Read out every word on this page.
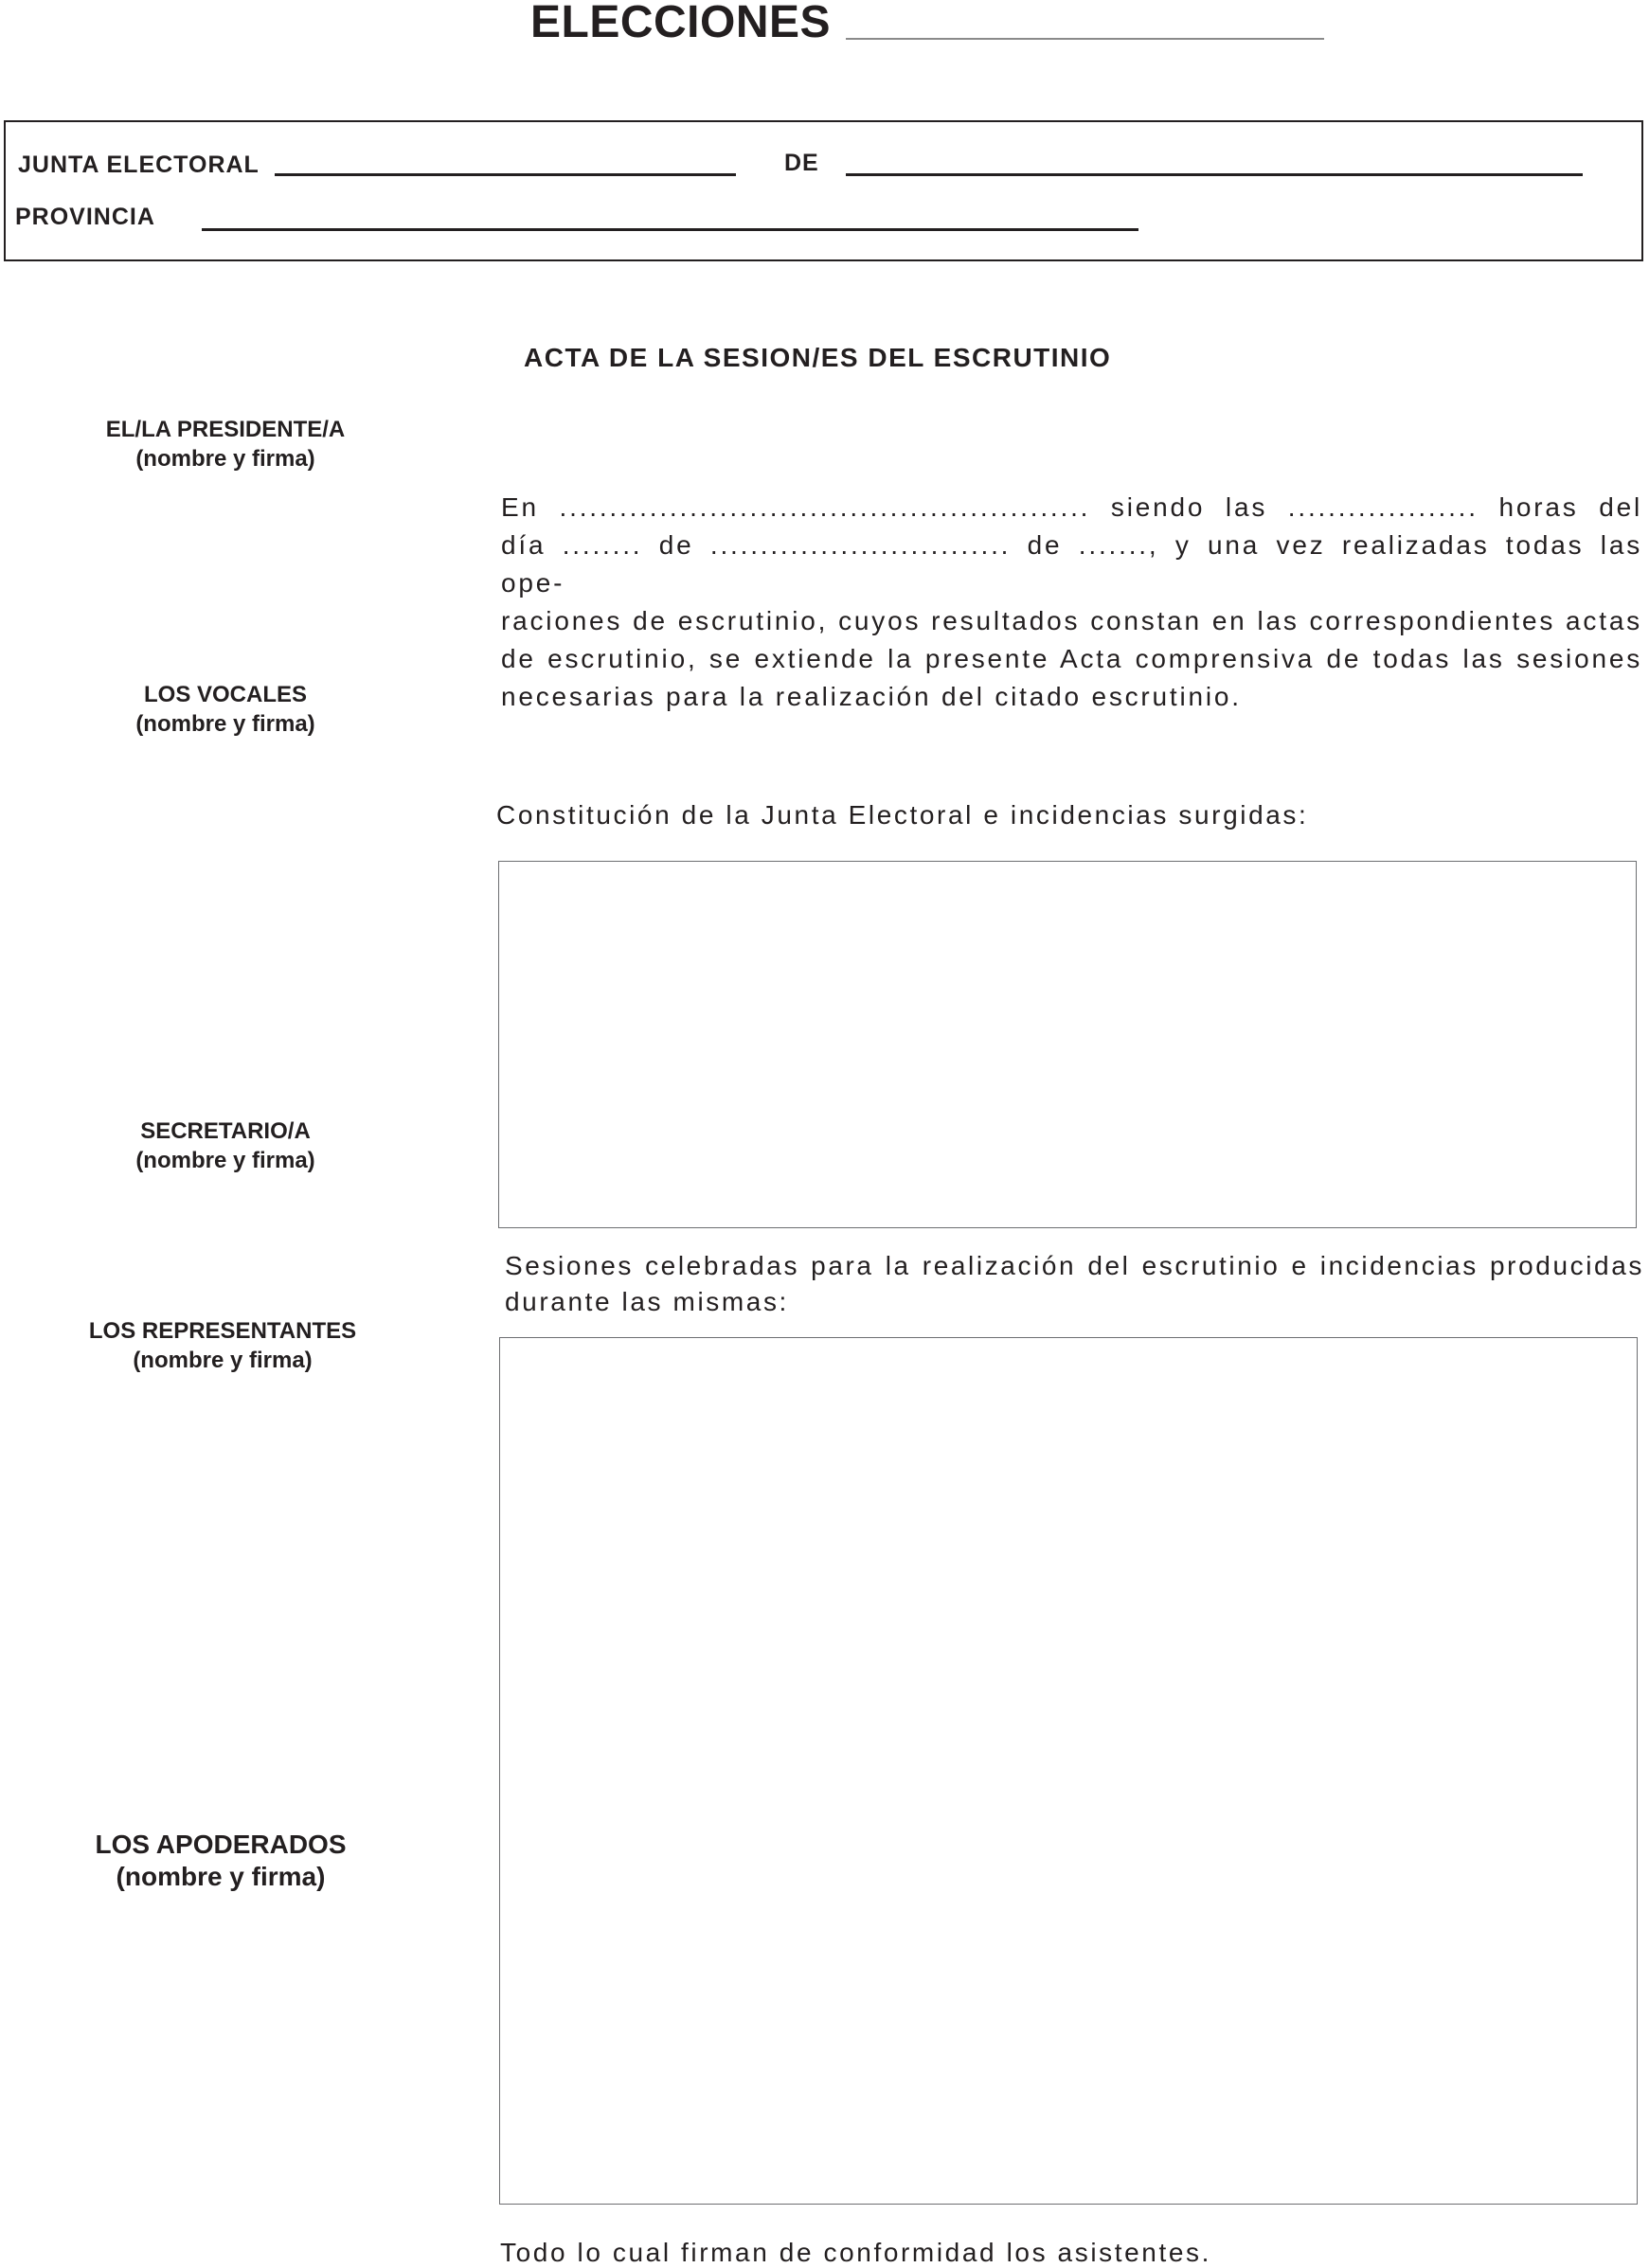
ELECCIONES
JUNTA ELECTORAL	DE
PROVINCIA
ACTA DE LA SESION/ES DEL ESCRUTINIO
EL/LA PRESIDENTE/A
(nombre y firma)
LOS VOCALES
(nombre y firma)
SECRETARIO/A
(nombre y firma)
LOS REPRESENTANTES
(nombre y firma)
LOS APODERADOS
(nombre y firma)
En ..................................................... siendo las ................... horas del
día ........ de .............................. de ......., y una vez realizadas todas las ope-
raciones de escrutinio, cuyos resultados constan en las correspondientes actas
de escrutinio, se extiende la presente Acta comprensiva de todas las sesiones
necesarias para la realización del citado escrutinio.
Constitución de la Junta Electoral e incidencias surgidas:
Sesiones celebradas para la realización del escrutinio e incidencias producidas
durante las mismas:
Todo lo cual firman de conformidad los asistentes.
